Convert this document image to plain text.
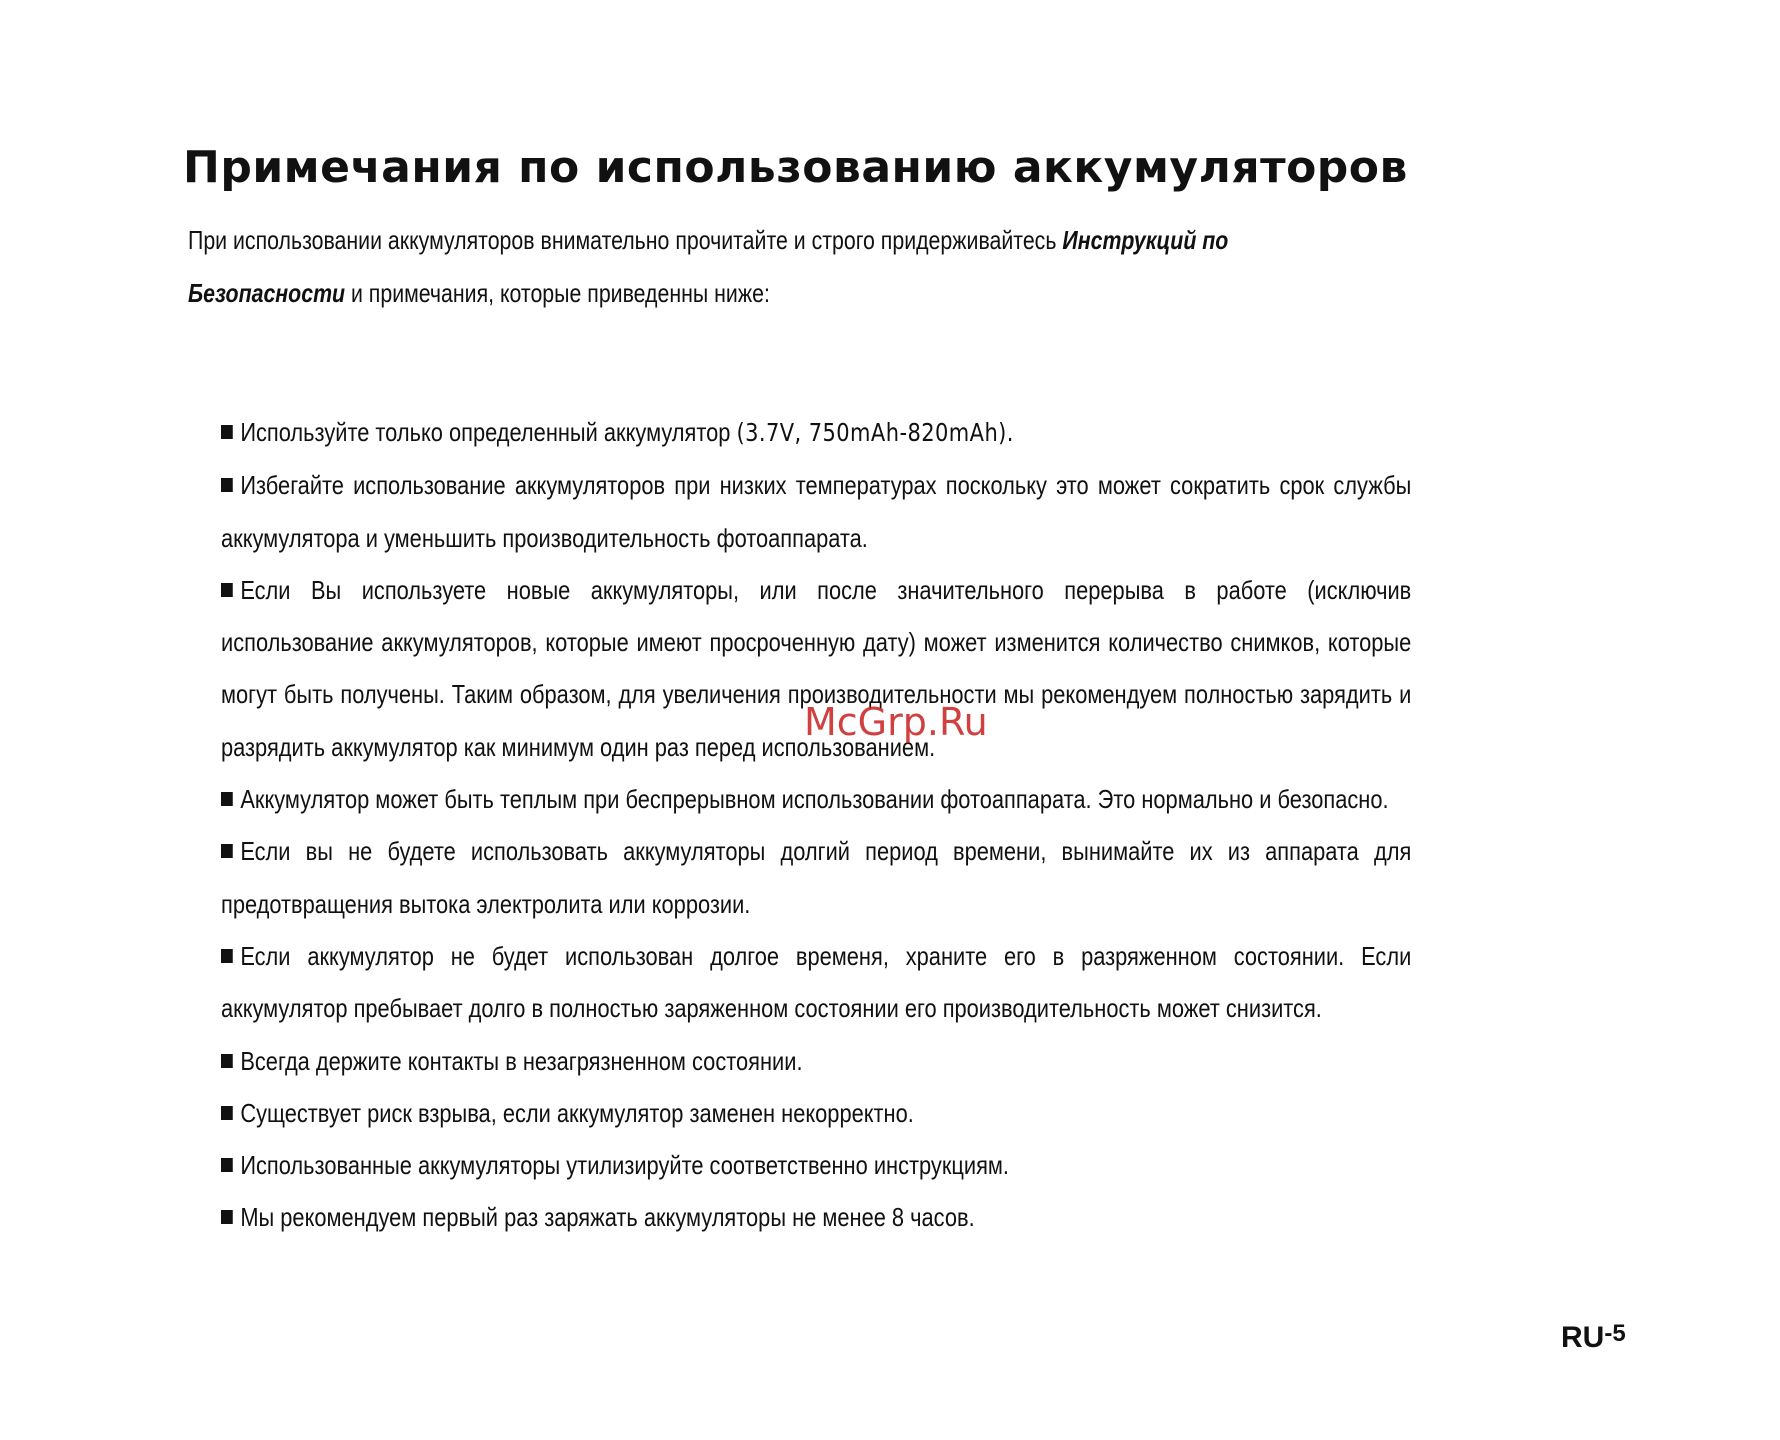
Примечания по использованию аккумуляторов

При использовании аккумуляторов внимательно прочитайте и строго придерживайтесь Инструкций по Безопасности и примечания, которые приведенны ниже:

Используйте только определенный аккумулятор (3.7V, 750mAh-820mAh).
Избегайте использование аккумуляторов при низких температурах поскольку это может сократить срок службы аккумулятора и уменьшить производительность фотоаппарата.
Если Вы используете новые аккумуляторы, или после значительного перерыва в работе (исключив использование аккумуляторов, которые имеют просроченную дату) может изменится количество снимков, которые могут быть получены. Таким образом, для увеличения производительности мы рекомендуем полностью зарядить и разрядить аккумулятор как минимум один раз перед использованием.
Аккумулятор может быть теплым при беспрерывном использовании фотоаппарата. Это нормально и безопасно.
Если вы не будете использовать аккумуляторы долгий период времени, вынимайте их из аппарата для предотвращения вытока электролита или коррозии.
Если аккумулятор не будет использован долгое временя, храните его в разряженном состоянии. Если аккумулятор пребывает долго в полностью заряженном состоянии его производительность может снизится.
Всегда держите контакты в незагрязненном состоянии.
Существует риск взрыва, если аккумулятор заменен некорректно.
Использованные аккумуляторы утилизируйте соответственно инструкциям.
Мы рекомендуем первый раз заряжать аккумуляторы не менее 8 часов.
McGrp.Ru
$RU^{-5}$
